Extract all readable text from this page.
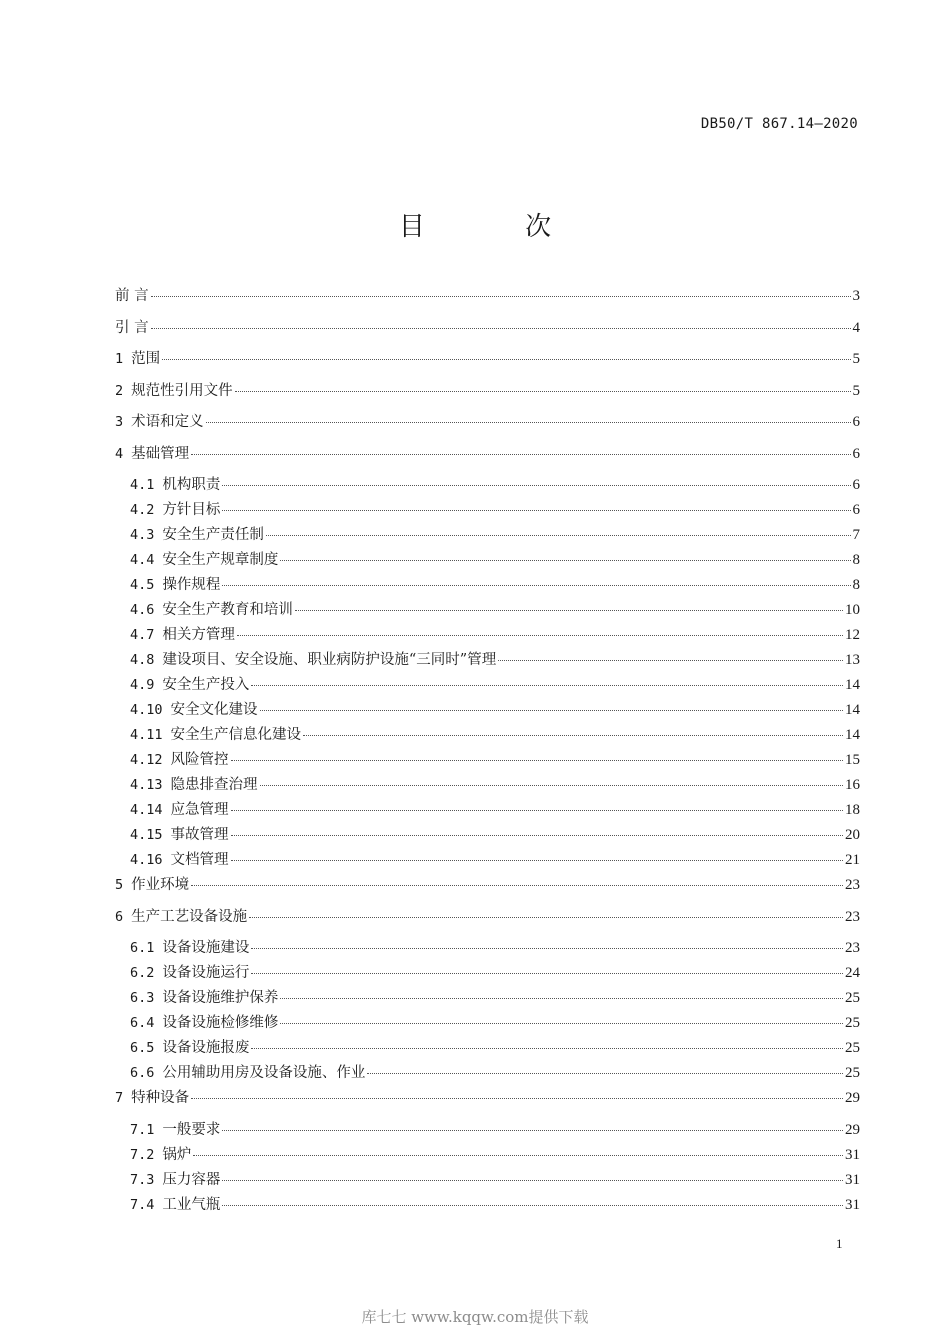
DB50/T 867.14—2020
目 次
前 言	3
引 言	4
1 范围	5
2 规范性引用文件	5
3 术语和定义	6
4 基础管理	6
4.1 机构职责	6
4.2 方针目标	6
4.3 安全生产责任制	7
4.4 安全生产规章制度	8
4.5 操作规程	8
4.6 安全生产教育和培训	10
4.7 相关方管理	12
4.8 建设项目、安全设施、职业病防护设施“三同时”管理	13
4.9 安全生产投入	14
4.10 安全文化建设	14
4.11 安全生产信息化建设	14
4.12 风险管控	15
4.13 隐患排查治理	16
4.14 应急管理	18
4.15 事故管理	20
4.16 文档管理	21
5 作业环境	23
6 生产工艺设备设施	23
6.1 设备设施建设	23
6.2 设备设施运行	24
6.3 设备设施维护保养	25
6.4 设备设施检修维修	25
6.5 设备设施报废	25
6.6 公用辅助用房及设备设施、作业	25
7 特种设备	29
7.1 一般要求	29
7.2 锅炉	31
7.3 压力容器	31
7.4 工业气瓶	31
1
库七七 www.kqqw.com提供下载
